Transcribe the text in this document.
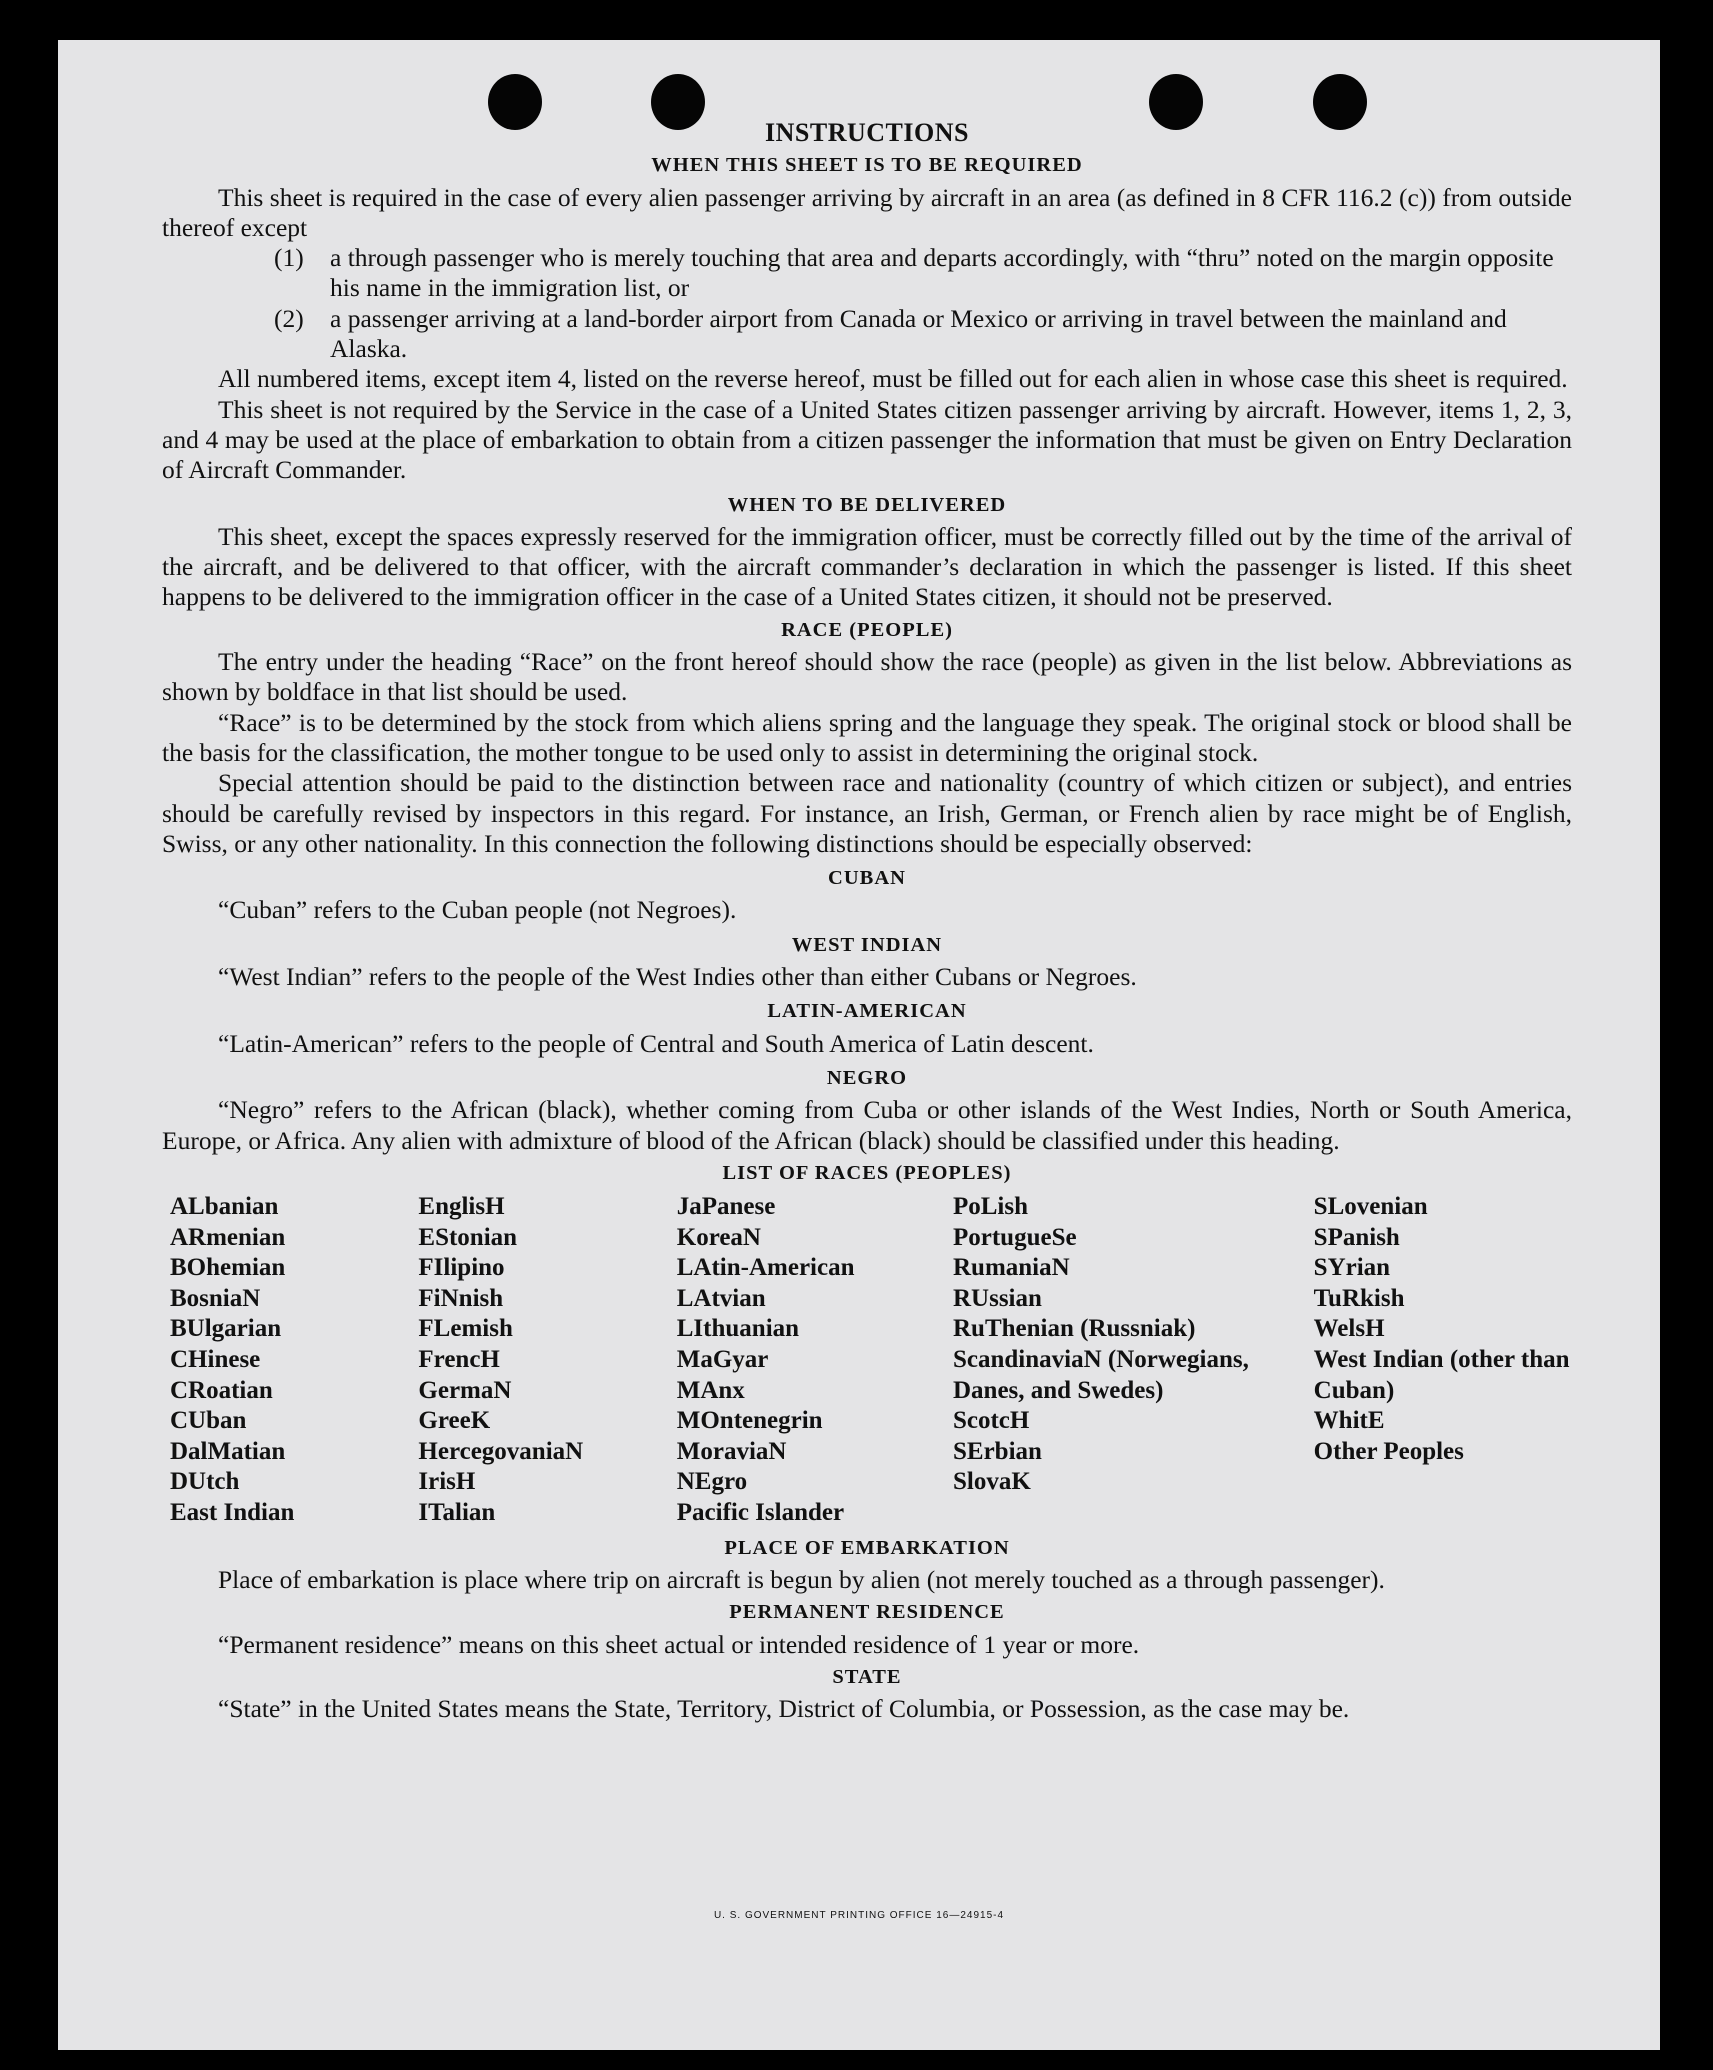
INSTRUCTIONS
WHEN THIS SHEET IS TO BE REQUIRED

This sheet is required in the case of every alien passenger arriving by aircraft in an area (as defined in 8 CFR 116.2 (c)) from outside thereof except

(1)	a through passenger who is merely touching that area and departs accordingly, with “thru” noted on the margin opposite his name in the immigration list, or
(2)	a passenger arriving at a land-border airport from Canada or Mexico or arriving in travel between the mainland and Alaska.

All numbered items, except item 4, listed on the reverse hereof, must be filled out for each alien in whose case this sheet is required.

This sheet is not required by the Service in the case of a United States citizen passenger arriving by aircraft. However, items 1, 2, 3, and 4 may be used at the place of embarkation to obtain from a citizen passenger the information that must be given on Entry Declaration of Aircraft Commander.

WHEN TO BE DELIVERED

This sheet, except the spaces expressly reserved for the immigration officer, must be correctly filled out by the time of the arrival of the aircraft, and be delivered to that officer, with the aircraft commander’s declaration in which the passenger is listed. If this sheet happens to be delivered to the immigration officer in the case of a United States citizen, it should not be preserved.

RACE (PEOPLE)

The entry under the heading “Race” on the front hereof should show the race (people) as given in the list below. Abbreviations as shown by boldface in that list should be used.

“Race” is to be determined by the stock from which aliens spring and the language they speak. The original stock or blood shall be the basis for the classification, the mother tongue to be used only to assist in determining the original stock.

Special attention should be paid to the distinction between race and nationality (country of which citizen or subject), and entries should be carefully revised by inspectors in this regard. For instance, an Irish, German, or French alien by race might be of English, Swiss, or any other nationality. In this connection the following distinctions should be especially observed:

CUBAN

“Cuban” refers to the Cuban people (not Negroes).

WEST INDIAN

“West Indian” refers to the people of the West Indies other than either Cubans or Negroes.

LATIN-AMERICAN

“Latin-American” refers to the people of Central and South America of Latin descent.

NEGRO

“Negro” refers to the African (black), whether coming from Cuba or other islands of the West Indies, North or South America, Europe, or Africa. Any alien with admixture of blood of the African (black) should be classified under this heading.

LIST OF RACES (PEOPLES)
ALbanian
ARmenian
BOhemian
BosniaN
BUlgarian
CHinese
CRoatian
CUban
DalMatian
DUtch
East Indian
EnglisH
EStonian
FIlipino
FiNnish
FLemish
FrencH
GermaN
GreeK
HercegovaniaN
IrisH
ITalian
JaPanese
KoreaN
LAtin-American
LAtvian
LIthuanian
MaGyar
MAnx
MOntenegrin
MoraviaN
NEgro
Pacific Islander
PoLish
PortugueSe
RumaniaN
RUssian
RuThenian (Russniak)
ScandinaviaN (Norwegians, Danes, and Swedes)
ScotcH
SErbian
SlovaK
SLovenian
SPanish
SYrian
TuRkish
WelsH
West Indian (other than Cuban)
WhitE
Other Peoples
PLACE OF EMBARKATION

Place of embarkation is place where trip on aircraft is begun by alien (not merely touched as a through passenger).

PERMANENT RESIDENCE

“Permanent residence” means on this sheet actual or intended residence of 1 year or more.

STATE

“State” in the United States means the State, Territory, District of Columbia, or Possession, as the case may be.

U. S. GOVERNMENT PRINTING OFFICE 16—24915-4
